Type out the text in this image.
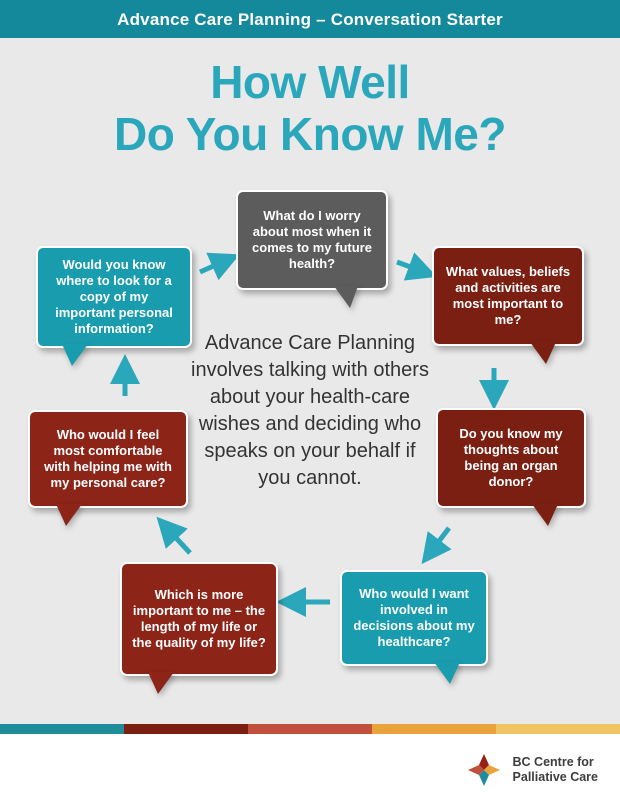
Advance Care Planning – Conversation Starter
How Well
Do You Know Me?
Advance Care Planning involves talking with others about your health-care wishes and deciding who speaks on your behalf if you cannot.
What do I worry about most when it comes to my future health?
Would you know where to look for a copy of my important personal information?
What values, beliefs and activities are most important to me?
Who would I feel most comfortable with helping me with my personal care?
Do you know my thoughts about being an organ donor?
Who would I want involved in decisions about my healthcare?
Which is more important to me – the length of my life or the quality of my life?
BC Centre for
Palliative Care
